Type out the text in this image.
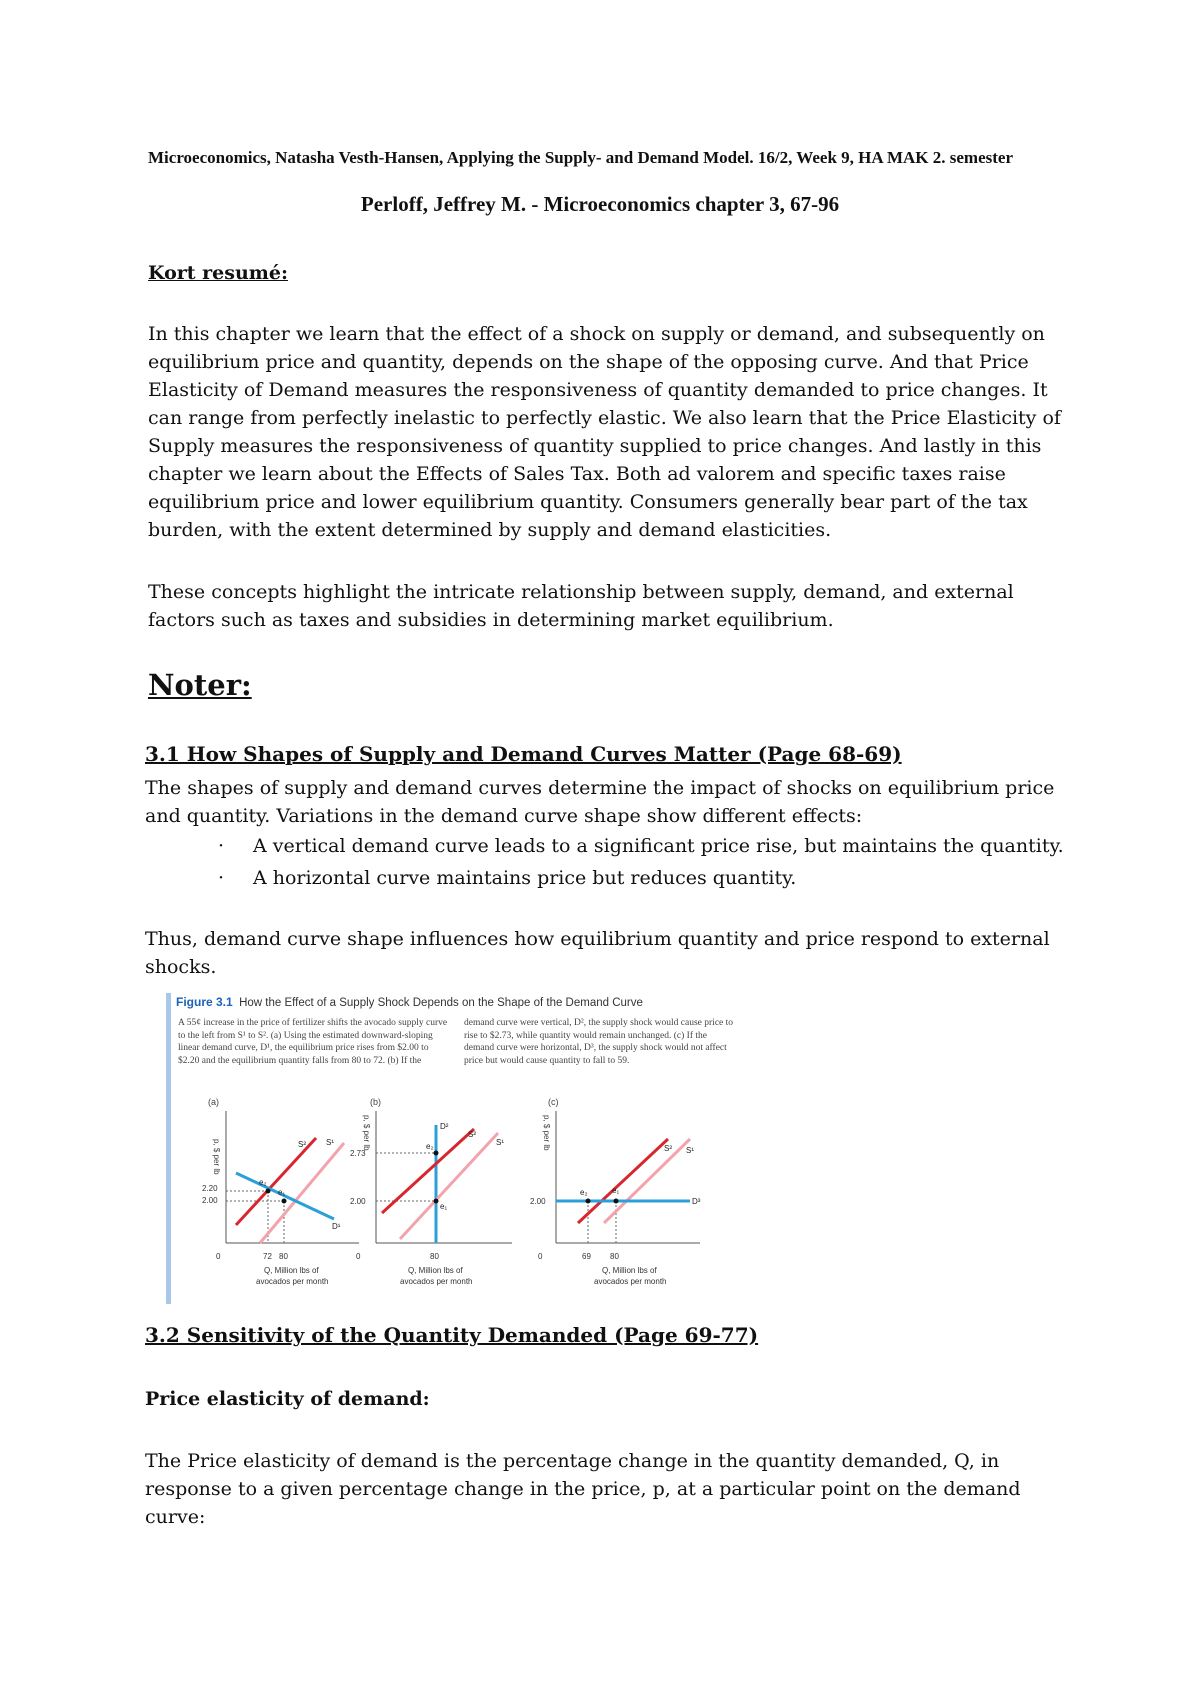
Microeconomics, Natasha Vesth-Hansen, Applying the Supply- and Demand Model. 16/2, Week 9, HA MAK 2. semester
Perloff, Jeffrey M. - Microeconomics chapter 3, 67-96
Kort resumé:
In this chapter we learn that the effect of a shock on supply or demand, and subsequently on equilibrium price and quantity, depends on the shape of the opposing curve. And that Price Elasticity of Demand measures the responsiveness of quantity demanded to price changes. It can range from perfectly inelastic to perfectly elastic. We also learn that the Price Elasticity of Supply measures the responsiveness of quantity supplied to price changes. And lastly in this chapter we learn about the Effects of Sales Tax. Both ad valorem and specific taxes raise equilibrium price and lower equilibrium quantity. Consumers generally bear part of the tax burden, with the extent determined by supply and demand elasticities.
These concepts highlight the intricate relationship between supply, demand, and external factors such as taxes and subsidies in determining market equilibrium.
Noter:
3.1 How Shapes of Supply and Demand Curves Matter (Page 68-69)
The shapes of supply and demand curves determine the impact of shocks on equilibrium price and quantity. Variations in the demand curve shape show different effects:
· A vertical demand curve leads to a significant price rise, but maintains the quantity.
· A horizontal curve maintains price but reduces quantity.
Thus, demand curve shape influences how equilibrium quantity and price respond to external shocks.
Figure 3.1 How the Effect of a Supply Shock Depends on the Shape of the Demand Curve
A 55¢ increase in the price of fertilizer shifts the avocado supply curve to the left from S¹ to S². (a) Using the estimated downward-sloping linear demand curve, D¹, the equilibrium price rises from $2.00 to $2.20 and the equilibrium quantity falls from 80 to 72. (b) If the
demand curve were vertical, D², the supply shock would cause price to rise to $2.73, while quantity would remain unchanged. (c) If the demand curve were horizontal, D³, the supply shock would not affect price but would cause quantity to fall to 59.
(a)
p, $ per lb
e₂
e₁
S²	S¹
D¹
2.20
2.00
0	72 80
Q, Million lbs of
avocados per month
(b)
p, $ per lb	e₂
e₁
D²
S²
S¹
2.73
2.00
0	80
Q, Million lbs of
avocados per month
(c)
p, $ per lb
e₂	e₁
S² S¹
D³
2.00
0	69 80
Q, Million lbs of
avocados per month
3.2 Sensitivity of the Quantity Demanded (Page 69-77)
Price elasticity of demand:
The Price elasticity of demand is the percentage change in the quantity demanded, Q, in response to a given percentage change in the price, p, at a particular point on the demand curve:
